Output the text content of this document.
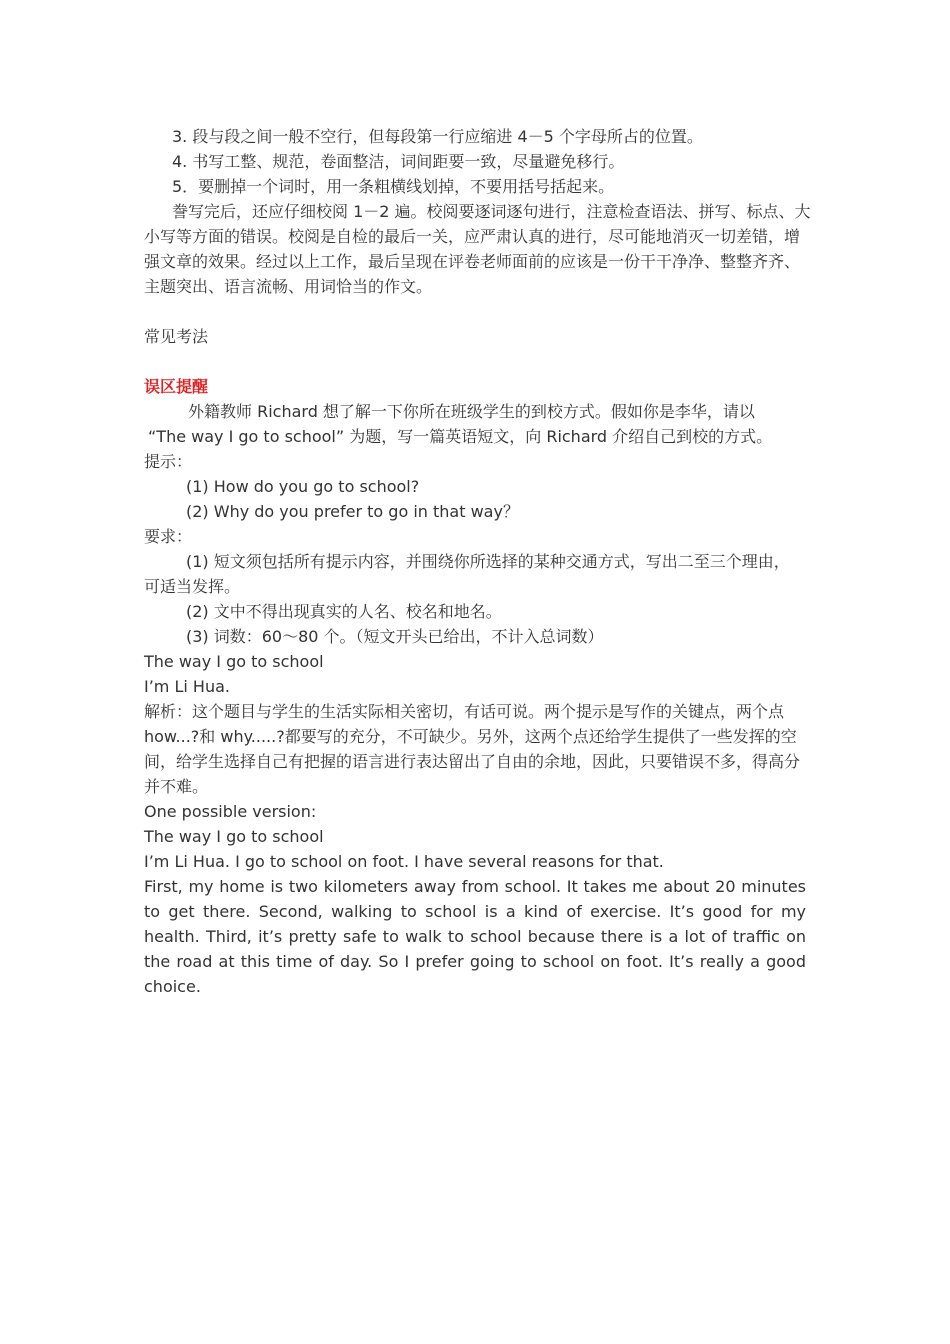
3. 段与段之间一般不空行，但每段第一行应缩进 4－5 个字母所占的位置。
4. 书写工整、规范，卷面整洁，词间距要一致，尽量避免移行。
5．要删掉一个词时，用一条粗横线划掉，不要用括号括起来。
誊写完后，还应仔细校阅 1－2 遍。校阅要逐词逐句进行，注意检查语法、拼写、标点、大
小写等方面的错误。校阅是自检的最后一关，应严肃认真的进行，尽可能地消灭一切差错，增
强文章的效果。经过以上工作，最后呈现在评卷老师面前的应该是一份干干净净、整整齐齐、
主题突出、语言流畅、用词恰当的作文。
常见考法
误区提醒
外籍教师 Richard 想了解一下你所在班级学生的到校方式。假如你是李华，请以
“The way I go to school” 为题，写一篇英语短文，向 Richard 介绍自己到校的方式。
提示：
(1) How do you go to school?
(2) Why do you prefer to go in that way？
要求：
(1) 短文须包括所有提示内容，并围绕你所选择的某种交通方式，写出二至三个理由，
可适当发挥。
(2) 文中不得出现真实的人名、校名和地名。
(3) 词数：60～80 个。（短文开头已给出，不计入总词数）
The way I go to school
I’m Li Hua.
解析：这个题目与学生的生活实际相关密切，有话可说。两个提示是写作的关键点，两个点
how...?和 why.....?都要写的充分，不可缺少。另外，这两个点还给学生提供了一些发挥的空
间，给学生选择自己有把握的语言进行表达留出了自由的余地，因此，只要错误不多，得高分
并不难。
One possible version:
The way I go to school
I’m Li Hua. I go to school on foot. I have several reasons for that.
First, my home is two kilometers away from school. It takes me about 20 minutes to get there. Second, walking to school is a kind of exercise. It’s good for my health. Third, it’s pretty safe to walk to school because there is a lot of traffic on the road at this time of day. So I prefer going to school on foot. It’s really a good choice.
